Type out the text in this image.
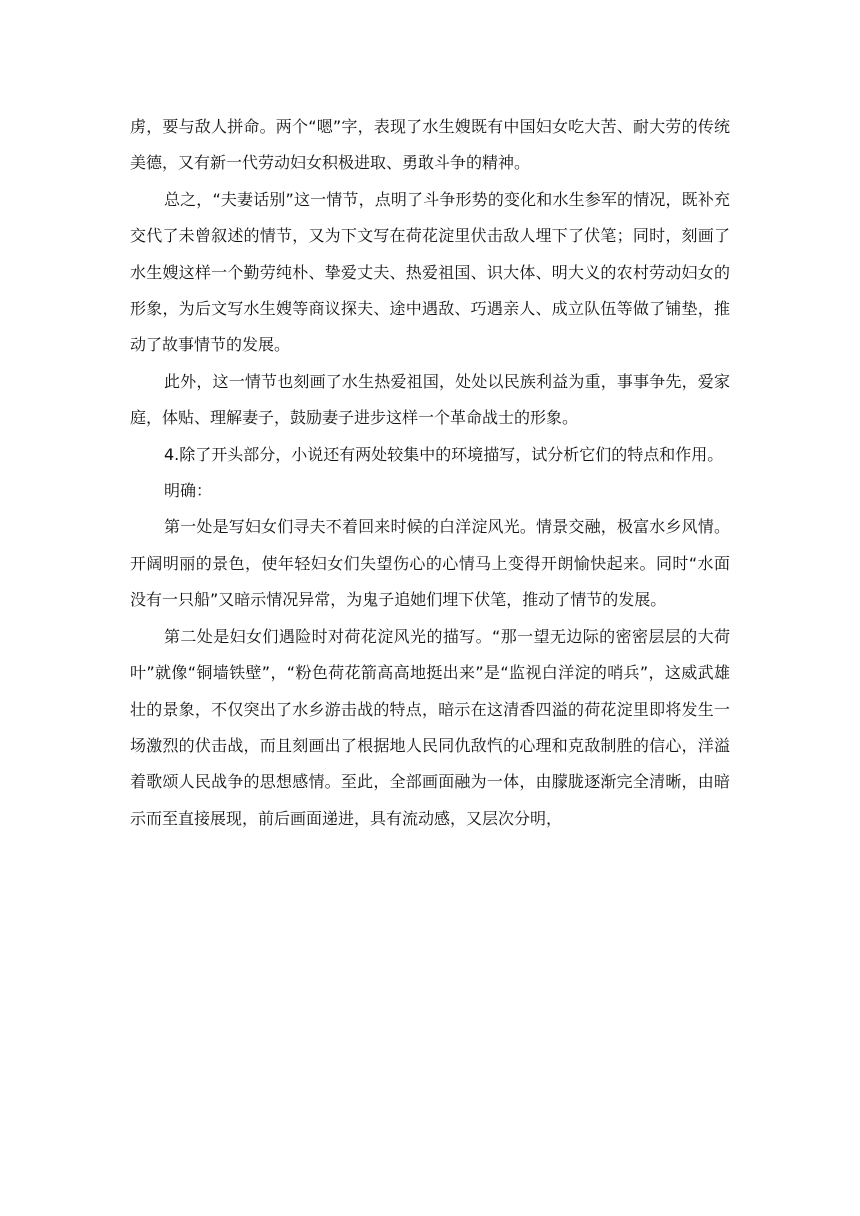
虏，要与敌人拼命。两个“嗯”字，表现了水生嫂既有中国妇女吃大苦、耐大劳的传统美德，又有新一代劳动妇女积极进取、勇敢斗争的精神。

总之，“夫妻话别”这一情节，点明了斗争形势的变化和水生参军的情况，既补充交代了未曾叙述的情节，又为下文写在荷花淀里伏击敌人埋下了伏笔；同时，刻画了水生嫂这样一个勤劳纯朴、挚爱丈夫、热爱祖国、识大体、明大义的农村劳动妇女的形象，为后文写水生嫂等商议探夫、途中遇敌、巧遇亲人、成立队伍等做了铺垫，推动了故事情节的发展。

此外，这一情节也刻画了水生热爱祖国，处处以民族利益为重，事事争先，爱家庭，体贴、理解妻子，鼓励妻子进步这样一个革命战士的形象。

4.除了开头部分，小说还有两处较集中的环境描写，试分析它们的特点和作用。

明确：

第一处是写妇女们寻夫不着回来时候的白洋淀风光。情景交融，极富水乡风情。开阔明丽的景色，使年轻妇女们失望伤心的心情马上变得开朗愉快起来。同时“水面没有一只船”又暗示情况异常，为鬼子追她们埋下伏笔，推动了情节的发展。

第二处是妇女们遇险时对荷花淀风光的描写。“那一望无边际的密密层层的大荷叶”就像“铜墙铁壁”，“粉色荷花箭高高地挺出来”是“监视白洋淀的哨兵”，这威武雄壮的景象，不仅突出了水乡游击战的特点，暗示在这清香四溢的荷花淀里即将发生一场激烈的伏击战，而且刻画出了根据地人民同仇敌忾的心理和克敌制胜的信心，洋溢着歌颂人民战争的思想感情。至此，全部画面融为一体，由朦胧逐渐完全清晰，由暗示而至直接展现，前后画面递进，具有流动感，又层次分明，
